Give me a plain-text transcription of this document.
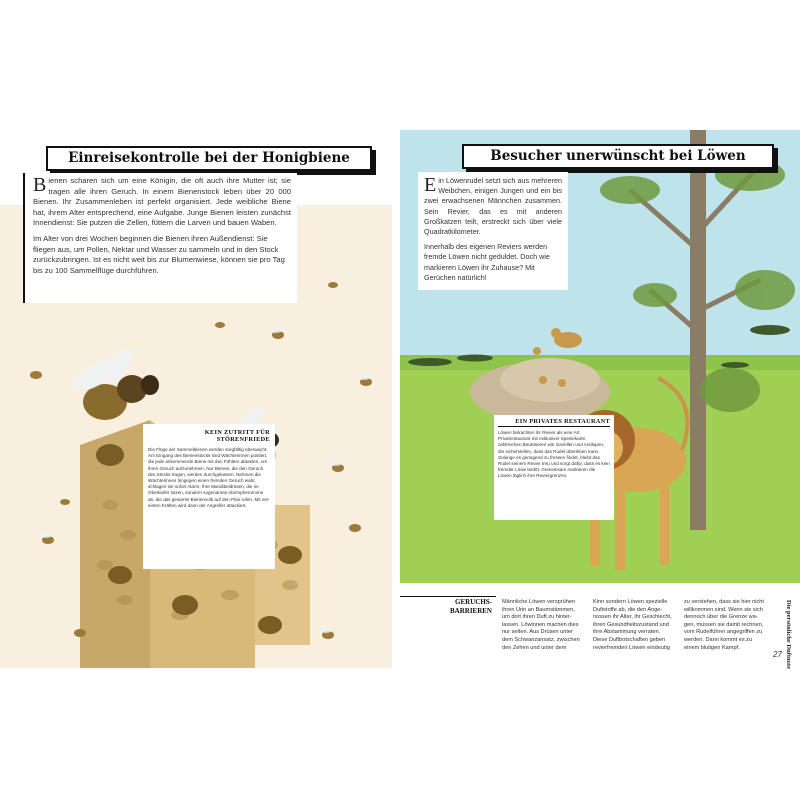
Einreisekontrolle bei der Honigbiene
Bienen scharen sich um eine Königin, die oft auch ihre Mutter ist; sie tragen alle ihren Geruch. In einem Bienenstock leben über 20 000 Bienen. Ihr Zusammenleben ist perfekt organisiert. Jede weibliche Biene hat, ihrem Alter entsprechend, eine Aufgabe. Junge Bienen leisten zunächst Innendienst: Sie putzen die Zellen, füttern die Larven und bauen Waben.
Im Alter von drei Wochen beginnen die Bienen ihren Außendienst: Sie fliegen aus, um Pollen, Nektar und Wasser zu sammeln und in den Stock zurückzubringen. Ist es nicht weit bis zur Blumenwiese, können sie pro Tag bis zu 100 Sammelflüge durchführen.
KEIN ZUTRITT FÜR
STÖRENFRIEDE
Die Flüge der Sammelbienen werden sorgfältig überwacht: Am Eingang des Bienenstocks sind Wächterinnen postiert, die jede ankommende Biene mit den Fühlern abtasten, um ihren Geruch aufzunehmen. Nur Bienen, die den Geruch des Stocks tragen, werden durchgelassen. Nehmen die Wächterinnen hingegen einen fremden Geruch wahr, schlagen sie sofort Alarm: Ihre Mandibeldrüsen, die im Oberkiefer sitzen, sondern sogenannte Alarmpheromone ab, die das gesamte Bienenvolk auf den Plan rufen. Mit vereinten Kräften wird dann der Angreifer attackiert.
Besucher unerwünscht bei Löwen
Ein Löwenrudel setzt sich aus mehreren Weibchen, einigen Jungen und ein bis zwei erwachsenen Männchen zusammen. Sein Revier, das es mit anderen Großkatzen teilt, erstreckt sich über viele Quadratkilometer.
Innerhalb des eigenen Reviers werden fremde Löwen nicht geduldet. Doch wie markieren Löwen ihr Zuhause? Mit Gerüchen natürlich!
EIN PRIVATES RESTAURANT
Löwen betrachten ihr Revier als eine Art Privatrestaurant mit exklusiver Speisekarte: zahlreichen Beutetieren wie Gazellen und Antilopen, die sicherstellen, dass das Rudel überleben kann. Solange es genügend zu fressen findet, bleibt das Rudel seinem Revier treu und sorgt dafür, dass es kein fremder Löwe betritt. Gemeinsam markieren die Löwen täglich ihre Reviergrenzen.
GERUCHS-
BARRIEREN
Männliche Löwen versprühen ihren Urin an Baumstämmen, um dort ihren Duft zu hinterlassen. Löwinnen machen dies nur selten. Aus Drüsen unter dem Schwanzansatz, zwischen den Zehen und unter dem
Kinn sondern Löwen spezielle Duftstoffe ab, die den Angenossen ihr Alter, ihr Geschlecht, ihren Gesundheitszustand und ihre Abstammung verraten. Diese Duftbotschaften geben revierfremden Löwen eindeutig
zu verstehen, dass sie hier nicht willkommen sind. Wenn sie sich dennoch über die Grenze wagen, müssen sie damit rechnen, vom Rudelführer angegriffen zu werden. Dann kommt es zu einem blutigen Kampf.
Die persönliche Duftnote
27
